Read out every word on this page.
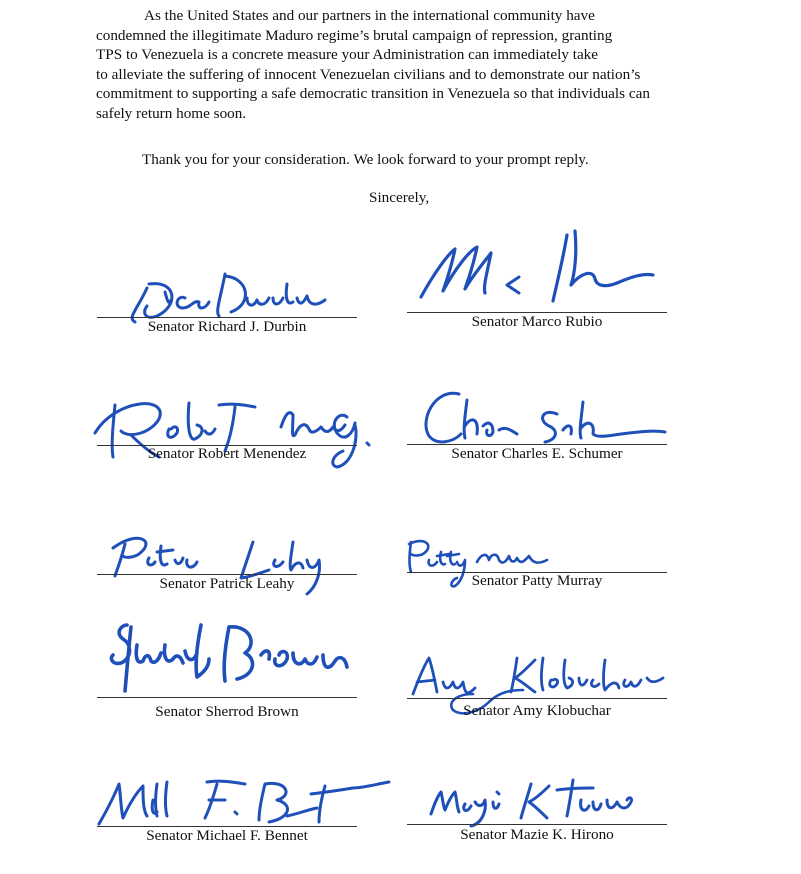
As the United States and our partners in the international community have
condemned the illegitimate Maduro regime’s brutal campaign of repression, granting
TPS to Venezuela is a concrete measure your Administration can immediately take
to alleviate the suffering of innocent Venezuelan civilians and to demonstrate our nation’s
commitment to supporting a safe democratic transition in Venezuela so that individuals can
safely return home soon.
Thank you for your consideration. We look forward to your prompt reply.
Sincerely,
Senator Richard J. Durbin	Senator Marco Rubio
Senator Robert Menendez	Senator Charles E. Schumer
Senator Patrick Leahy	Senator Patty Murray
Senator Sherrod Brown	Senator Amy Klobuchar
Senator Michael F. Bennet	Senator Mazie K. Hirono
